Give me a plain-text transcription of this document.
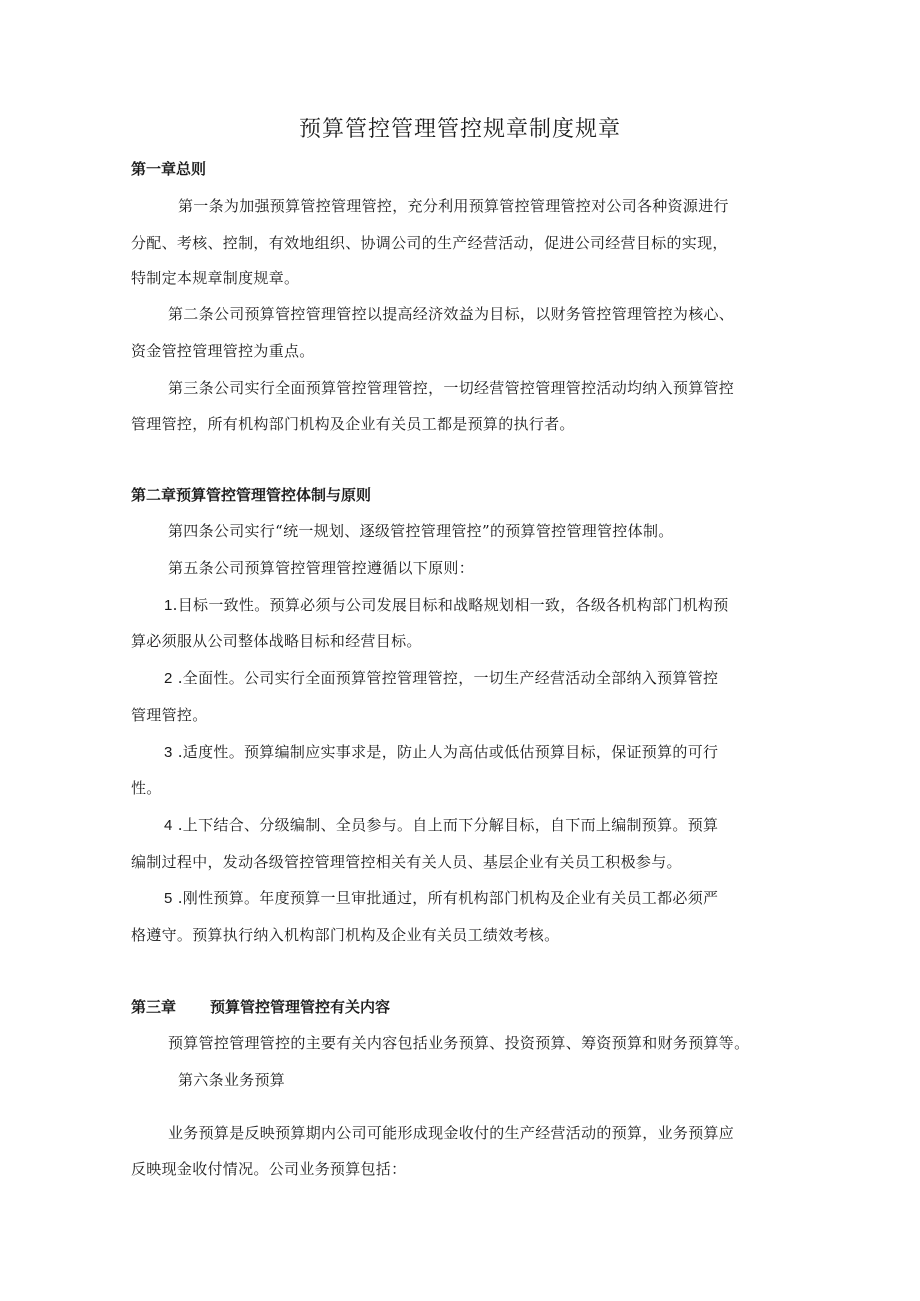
预算管控管理管控规章制度规章
第一章总则
第一条为加强预算管控管理管控，充分利用预算管控管理管控对公司各种资源进行
分配、考核、控制，有效地组织、协调公司的生产经营活动，促进公司经营目标的实现，
特制定本规章制度规章。
第二条公司预算管控管理管控以提高经济效益为目标，以财务管控管理管控为核心、
资金管控管理管控为重点。
第三条公司实行全面预算管控管理管控，一切经营管控管理管控活动均纳入预算管控
管理管控，所有机构部门机构及企业有关员工都是预算的执行者。
第二章预算管控管理管控体制与原则
第四条公司实行“统一规划、逐级管控管理管控”的预算管控管理管控体制。
第五条公司预算管控管理管控遵循以下原则：
1.目标一致性。预算必须与公司发展目标和战略规划相一致，各级各机构部门机构预
算必须服从公司整体战略目标和经营目标。
2 .全面性。公司实行全面预算管控管理管控，一切生产经营活动全部纳入预算管控
管理管控。
3 .适度性。预算编制应实事求是，防止人为高估或低估预算目标，保证预算的可行
性。
4 .上下结合、分级编制、全员参与。自上而下分解目标，自下而上编制预算。预算
编制过程中，发动各级管控管理管控相关有关人员、基层企业有关员工积极参与。
5 .刚性预算。年度预算一旦审批通过，所有机构部门机构及企业有关员工都必须严
格遵守。预算执行纳入机构部门机构及企业有关员工绩效考核。
第三章 预算管控管理管控有关内容
预算管控管理管控的主要有关内容包括业务预算、投资预算、筹资预算和财务预算等。
第六条业务预算
业务预算是反映预算期内公司可能形成现金收付的生产经营活动的预算，业务预算应
反映现金收付情况。公司业务预算包括：
